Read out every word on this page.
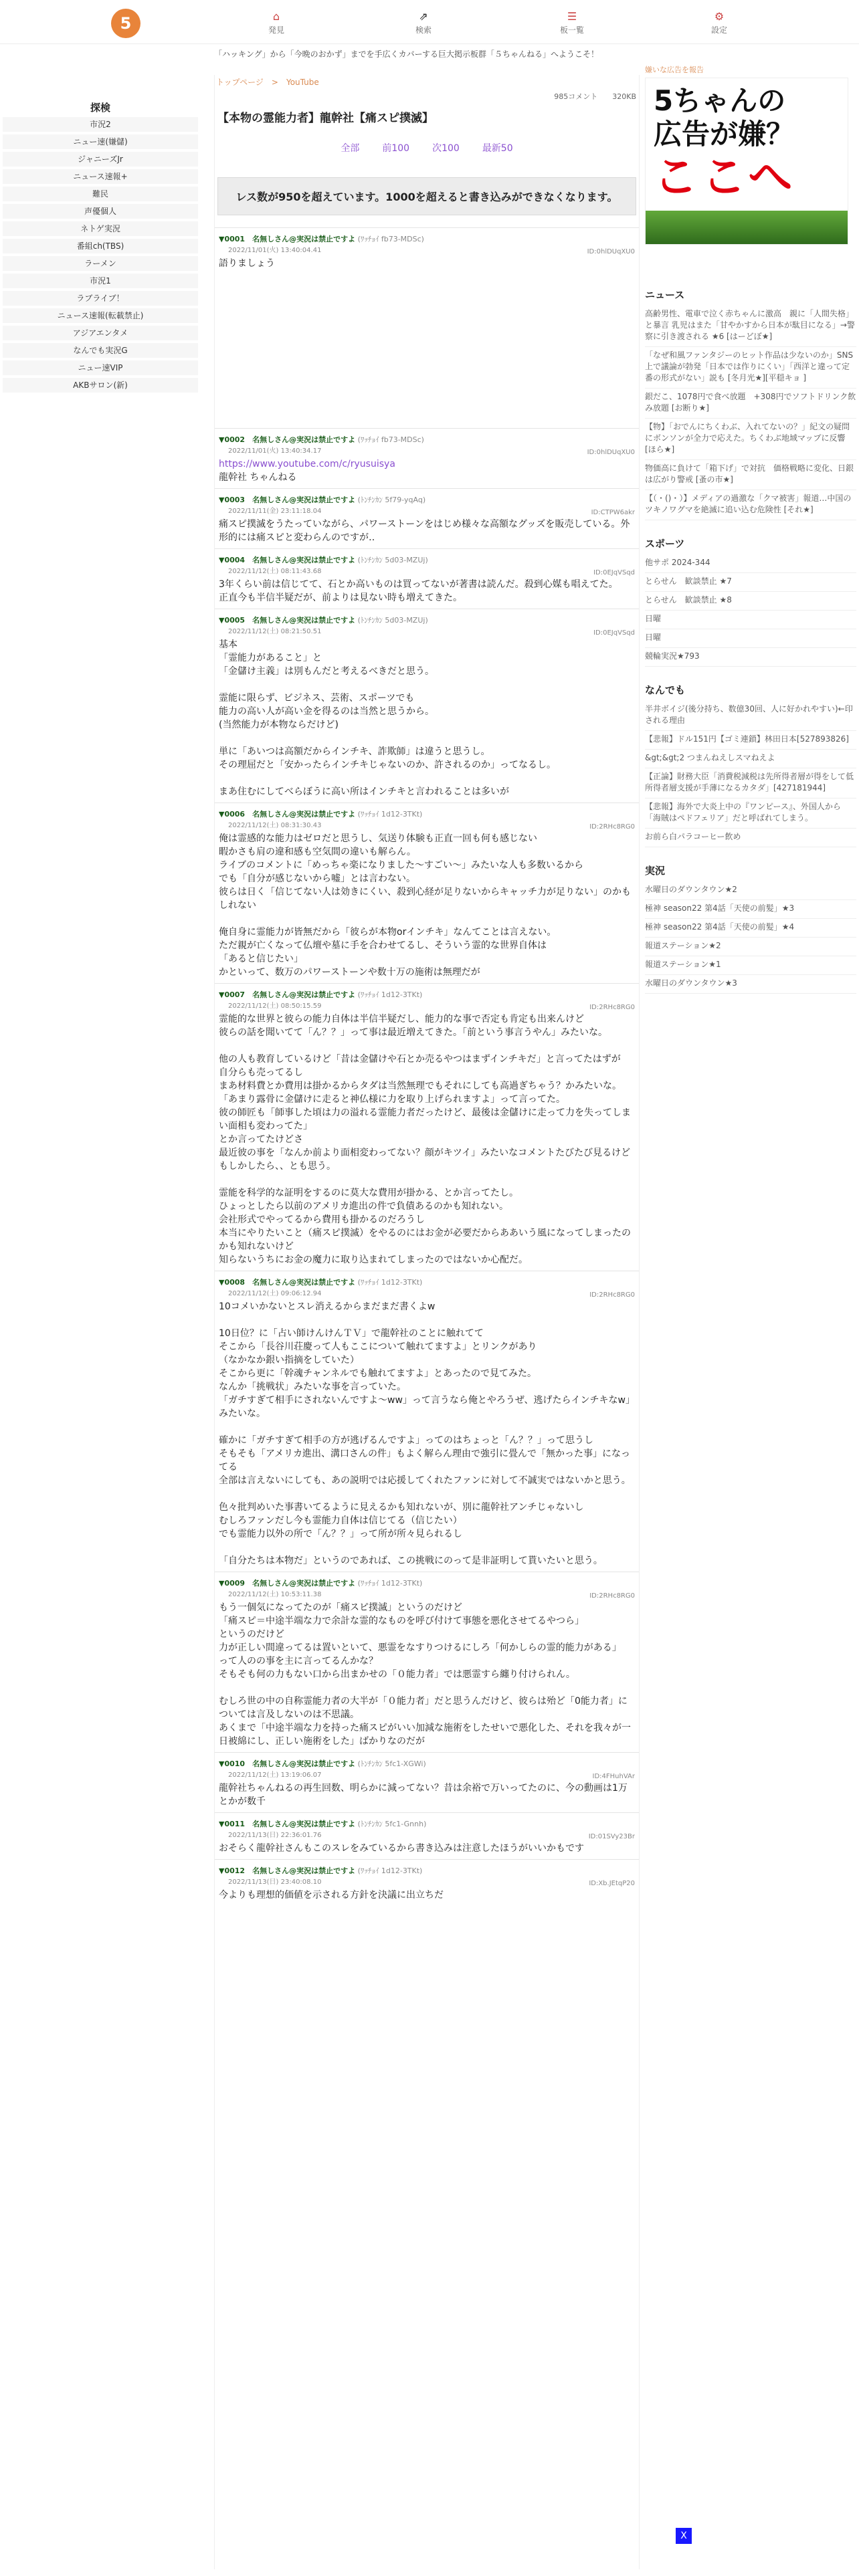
5	⌂
発見
⇗
検索
☰
板一覧
⚙
設定
「ハッキング」から「今晩のおかず」までを手広くカバーする巨大掲示板群「５ちゃんねる」へようこそ！
探検
市況2
ニュー速(嫌儲)
ジャニーズJr
ニュース速報+
難民
声優個人
ネトゲ実況
番組ch(TBS)
ラーメン
市況1
ラブライブ！
ニュース速報(転載禁止)
アジアエンタメ
なんでも実況G
ニュー速VIP
AKBサロン(新)
トップページ　>　YouTube
985コメント　　320KB
【本物の霊能力者】龍幹社【痛スピ撲滅】
全部 前100 次100 最新50
レス数が950を超えています。1000を超えると書き込みができなくなります。
▼0001　名無しさん@実況は禁止ですよ (ﾜｯﾁｮｲ fb73-MDSc)
2022/11/01(火) 13:40:04.41	ID:0hlDUqXU0
語りましょう
▼0002　名無しさん@実況は禁止ですよ (ﾜｯﾁｮｲ fb73-MDSc)
2022/11/01(火) 13:40:34.17	ID:0hlDUqXU0
https://www.youtube.com/c/ryusuisya
龍幹社 ちゃんねる
▼0003　名無しさん@実況は禁止ですよ (ﾄﾝﾁﾝｶﾝ 5f79-yqAq)
2022/11/11(金) 23:11:18.04	ID:CTPW6akr
痛スピ撲滅をうたっていながら、パワーストーンをはじめ様々な高額なグッズを販売している。外形的には痛スピと変わらんのですが‥
▼0004　名無しさん@実況は禁止ですよ (ﾄﾝﾁﾝｶﾝ 5d03-MZUj)
2022/11/12(土) 08:11:43.68	ID:0EJqVSqd
3年くらい前は信じてて、石とか高いものは買ってないが著書は読んだ。殺到心媒も唱えてた。
正直今も半信半疑だが、前よりは見ない時も増えてきた。
▼0005　名無しさん@実況は禁止ですよ (ﾄﾝﾁﾝｶﾝ 5d03-MZUj)
2022/11/12(土) 08:21:50.51	ID:0EJqVSqd
基本
「霊能力があること」と
「金儲け主義」は別もんだと考えるべきだと思う。

霊能に限らず、ビジネス、芸術、スポーツでも
能力の高い人が高い金を得るのは当然と思うから。
(当然能力が本物ならだけど)

単に「あいつは高額だからインチキ、詐欺師」は違うと思うし。
その理屈だと「安かったらインチキじゃないのか、許されるのか」ってなるし。

まあ住むにしてべらぼうに高い所はインチキと言われることは多いが
▼0006　名無しさん@実況は禁止ですよ (ﾜｯﾁｮｲ 1d12-3TKt)
2022/11/12(土) 08:31:30.43	ID:2RHc8RG0
俺は霊感的な能力はゼロだと思うし、気送り体験も正直一回も何も感じない
暇かさも肩の違和感も空気間の違いも解らん。
ライブのコメントに「めっちゃ楽になりました〜すごい〜」みたいな人も多数いるから
でも「自分が感じないから嘘」とは言わない。
彼らは日く「信じてない人は効きにくい、殺到心経が足りないからキャッチ力が足りない」のかもしれない

俺自身に霊能力が皆無だから「彼らが本物orインチキ」なんてことは言えない。
ただ親が亡くなって仏壇や墓に手を合わせてるし、そういう霊的な世界自体は
「あると信じたい」
かといって、数万のパワーストーンや数十万の施術は無理だが
▼0007　名無しさん@実況は禁止ですよ (ﾜｯﾁｮｲ 1d12-3TKt)
2022/11/12(土) 08:50:15.59	ID:2RHc8RG0
霊能的な世界と彼らの能力自体は半信半疑だし、能力的な事で否定も肯定も出来んけど
彼らの話を聞いてて「ん？？」って事は最近増えてきた。「前という事言うやん」みたいな。

他の人も教育しているけど「昔は金儲けや石とか売るやつはまずインチキだ」と言ってたはずが
自分らも売ってるし
まあ材料費とか費用は掛かるからタダは当然無理でもそれにしても高過ぎちゃう？かみたいな。
「あまり露骨に金儲けに走ると神仏様に力を取り上げられますよ」って言ってた。
彼の師匠も「師事した頃は力の溢れる霊能力者だったけど、最後は金儲けに走って力を失ってしまい面相も変わってた」
とか言ってたけどさ
最近彼の事を「なんか前より面相変わってない？顔がキツイ」みたいなコメントたびたび見るけど
もしかしたら、、とも思う。

霊能を科学的な証明をするのに莫大な費用が掛かる、とか言ってたし。
ひょっとしたら以前のアメリカ進出の件で負債あるのかも知れない。
会社形式でやってるから費用も掛かるのだろうし
本当にやりたいこと（痛スピ撲滅）をやるのにはお金が必要だからああいう風になってしまったのかも知れないけど
知らないうちにお金の魔力に取り込まれてしまったのではないか心配だ。
▼0008　名無しさん@実況は禁止ですよ (ﾜｯﾁｮｲ 1d12-3TKt)
2022/11/12(土) 09:06:12.94	ID:2RHc8RG0
10コメいかないとスレ消えるからまだまだ書くよw

10日位？に「占い師けんけんＴＶ」で龍幹社のことに触れてて
そこから「長谷川荘慶って人もここについて触れてますよ」とリンクがあり
（なかなか銀い指摘をしていた）
そこから更に「幹魂チャンネルでも触れてますよ」とあったので見てみた。
なんか「挑戦状」みたいな事を言っていた。
「ガチすぎて相手にされないんですよ〜ww」って言うなら俺とやろうぜ、逃げたらインチキなw」みたいな。

確かに「ガチすぎて相手の方が逃げるんですよ」ってのはちょっと「ん？？」って思うし
そもそも「アメリカ進出、溝口さんの件」もよく解らん理由で強引に畳んで「無かった事」になってる
全部は言えないにしても、あの説明では応援してくれたファンに対して不誠実ではないかと思う。

色々批判めいた事書いてるように見えるかも知れないが、別に龍幹社アンチじゃないし
むしろファンだし今も霊能力自体は信じてる（信じたい）
でも霊能力以外の所で「ん？？」って所が所々見られるし

「自分たちは本物だ」というのであれば、この挑戦にのって是非証明して貰いたいと思う。
▼0009　名無しさん@実況は禁止ですよ (ﾜｯﾁｮｲ 1d12-3TKt)
2022/11/12(土) 10:53:11.38	ID:2RHc8RG0
もう一個気になってたのが「痛スピ撲滅」というのだけど
「痛スピ＝中途半端な力で余計な霊的なものを呼び付けて事態を悪化させてるやつら」
というのだけど
力が正しい間違ってるは置いといて、悪霊をなすりつけるにしろ「何かしらの霊的能力がある」
って人のの事を主に言ってるんかな？
そもそも何の力もない口から出まかせの「０能力者」では悪霊すら纏り付けられん。

むしろ世の中の自称霊能力者の大半が「０能力者」だと思うんだけど、彼らは殆ど「0能力者」については言及しないのは不思議。
あくまで「中途半端な力を持った痛スピがいい加減な施術をしたせいで悪化した、それを我々が一日被綿にし、正しい施術をした」ばかりなのだが
▼0010　名無しさん@実況は禁止ですよ (ﾄﾝﾁﾝｶﾝ 5fc1-XGWi)
2022/11/12(土) 13:19:06.07	ID:4FHuhVAr
龍幹社ちゃんねるの再生回数、明らかに減ってない？昔は余裕で万いってたのに、今の動画は1万とかが数千
▼0011　名無しさん@実況は禁止ですよ (ﾄﾝﾁﾝｶﾝ 5fc1-Gnnh)
2022/11/13(日) 22:36:01.76	ID:01SVy23Br
おそらく龍幹社さんもこのスレをみているから書き込みは注意したほうがいいかもです
▼0012　名無しさん@実況は禁止ですよ (ﾜｯﾁｮｲ 1d12-3TKt)
2022/11/13(日) 23:40:08.10	ID:Xb.JEtqP20
今よりも理想的価値を示される方針を決議に出立ちだ
嫌いな広告を報告
5ちゃんの
広告が嫌？
ここへ
ニュース
高齢男性、電車で泣く赤ちゃんに激高　親に「人間失格」と暴言 乳児はまた「甘やかすから日本が駄目になる」→警察に引き渡される ★6 [はーどぼ★]
「なぜ和風ファンタジーのヒット作品は少ないのか」SNS上で議論が勃発「日本では作りにくい」「西洋と違って定番の形式がない」説も [冬月光★][平穏キョ ]
銀だこ、1078円で食べ放題　+308円でソフトドリンク飲み放題 [お断り★]
【物】「おでんにちくわぶ、入れてないの？」紀文の疑問にボンソンが全力で応えた。ちくわぶ地域マップに反響 [ほら★]
物価高に負けて「箱下げ」で対抗　価格戦略に変化、日銀は広がり警戒 [蚤の市★]
【（・()・）】メディアの過激な「クマ被害」報道…中国のツキノワグマを絶滅に追い込む危険性 [それ★]
スポーツ
他サポ 2024-344
とらせん　歓談禁止 ★7
とらせん　歓談禁止 ★8
日曜
日曜
競輪実況★793
なんでも
半井ボイジ(後分持ち、数億30回、人に好かれやすい)←印される理由
【悲報】ドル151円【ゴミ連鎖】林田日本[527893826]
&gt;&gt;2 つまんねえしスマねえよ
【正論】財務大臣「消費税減税は先所得者層が得をして低所得者層支援が手薄になるカタダ」[427181944]
【悲報】海外で大炎上中の『ワンピース』、外国人から「海賊はペドフェリア」だと呼ばれてしまう。
お前ら白パラコーヒー飲め
実況
水曜日のダウンタウン★2
極神 season22 第4話「天使の前髪」★3
極神 season22 第4話「天使の前髪」★4
報道ステーション★2
報道ステーション★1
水曜日のダウンタウン★3
X
